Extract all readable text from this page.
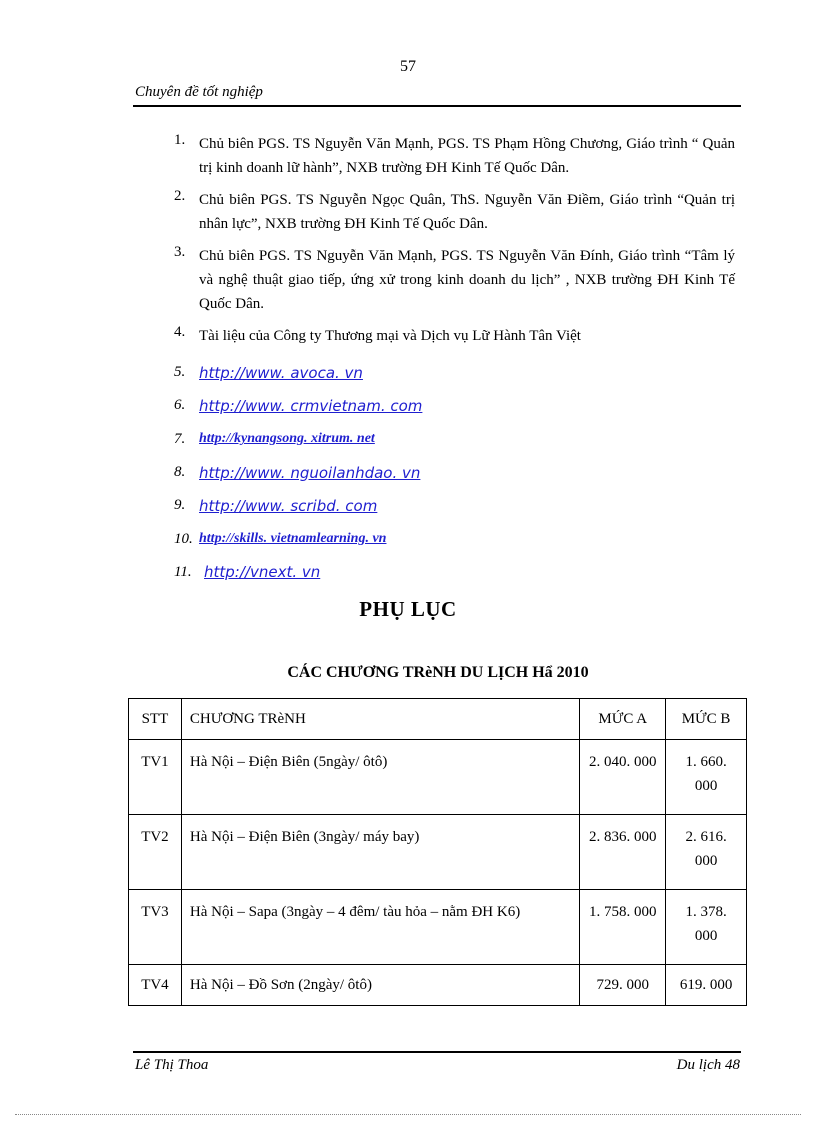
57
Chuyên đề tốt nghiệp
1. Chủ biên PGS. TS Nguyễn Văn Mạnh, PGS. TS Phạm Hồng Chương, Giáo trình “ Quản trị kinh doanh lữ hành”, NXB trường ĐH Kinh Tế Quốc Dân.
2. Chủ biên PGS. TS Nguyễn Ngọc Quân, ThS. Nguyễn Văn Điềm, Giáo trình “Quản trị nhân lực”, NXB trường ĐH Kinh Tế Quốc Dân.
3. Chủ biên PGS. TS Nguyễn Văn Mạnh, PGS. TS Nguyễn Văn Đính, Giáo trình “Tâm lý và nghệ thuật giao tiếp, ứng xử trong kinh doanh du lịch” , NXB trường ĐH Kinh Tế Quốc Dân.
4. Tài liệu của Công ty Thương mại và Dịch vụ Lữ Hành Tân Việt
5. http://www. avoca. vn
6. http://www. crmvietnam. com
7. http://kynangsong. xitrum. net
8. http://www. nguoilanhdao. vn
9. http://www. scribd. com
10. http://skills. vietnamlearning. vn
11. http://vnext. vn
PHỤ LỤC
CÁC CHƯƠNG TRèNH DU LỊCH Hẩ 2010
STT	CHƯƠNG TRèNH	MỨC A	MỨC B
TV1	Hà Nội – Điện Biên (5ngày/ ôtô)	2. 040. 000	1. 660.
000

TV2	Hà Nội – Điện Biên (3ngày/ máy bay)	2. 836. 000	2. 616.
000

TV3	Hà Nội – Sapa (3ngày – 4 đêm/ tàu hỏa – nằm ĐH K6)	1. 758. 000	1. 378.
000

TV4	Hà Nội – Đồ Sơn (2ngày/ ôtô)	729. 000	619. 000
Lê Thị Thoa	Du lịch 48
